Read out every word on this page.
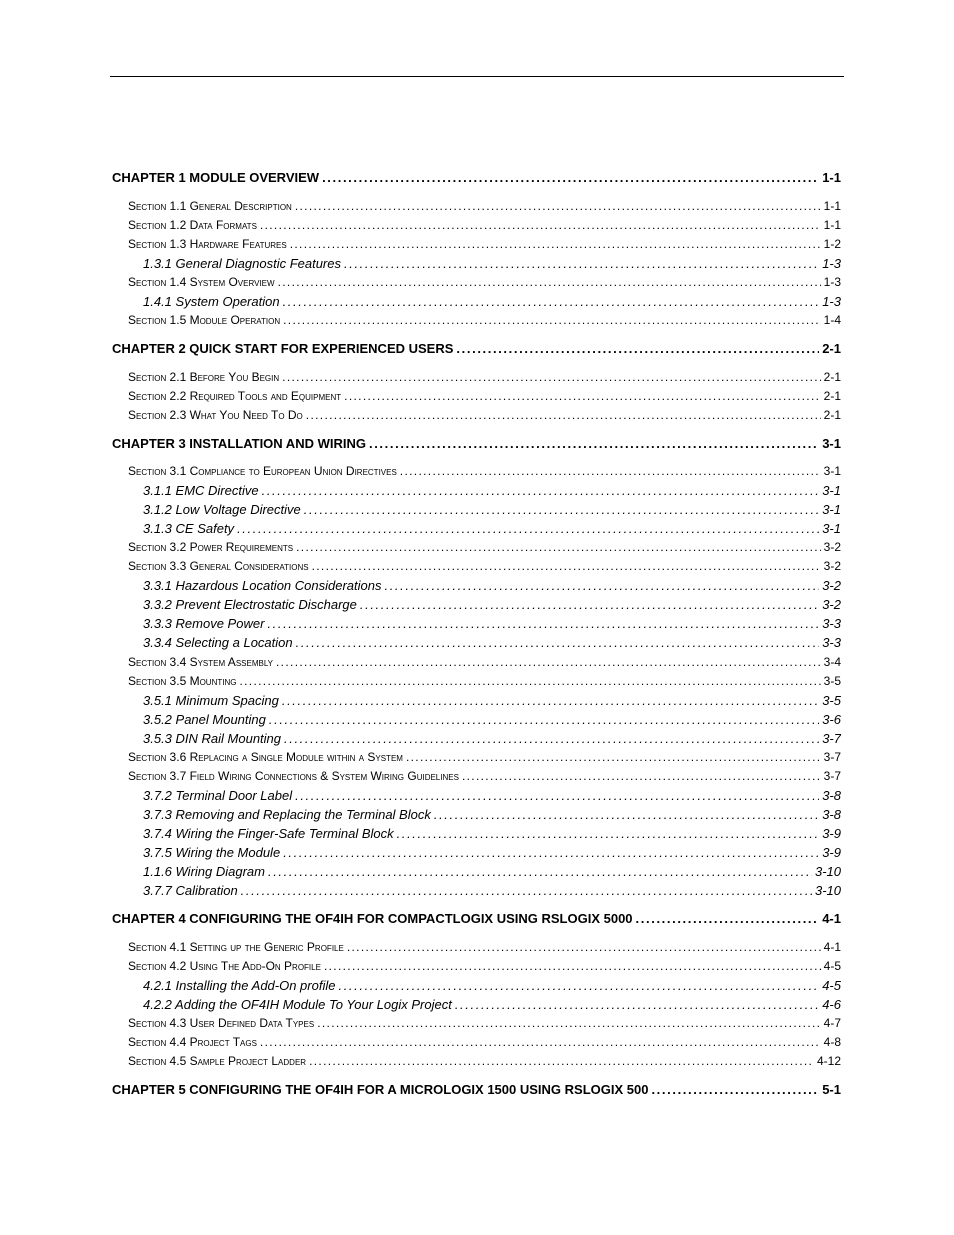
CHAPTER 1 MODULE OVERVIEW . . .	1-1
Section 1.1 General Description . . .	1-1
Section 1.2 Data Formats . . .	1-1
Section 1.3 Hardware Features . . .	1-2
1.3.1 General Diagnostic Features . . .	1-3
Section 1.4 System Overview . . .	1-3
1.4.1 System Operation . . .	1-3
Section 1.5 Module Operation . . .	1-4
CHAPTER 2 QUICK START FOR EXPERIENCED USERS . . .	2-1
Section 2.1 Before You Begin . . .	2-1
Section 2.2 Required Tools and Equipment . . .	2-1
Section 2.3 What You Need To Do . . .	2-1
CHAPTER 3 INSTALLATION AND WIRING . . .	3-1
Section 3.1 Compliance to European Union Directives . . .	3-1
3.1.1 EMC Directive . . .	3-1
3.1.2 Low Voltage Directive . . .	3-1
3.1.3 CE Safety . . .	3-1
Section 3.2 Power Requirements . . .	3-2
Section 3.3 General Considerations . . .	3-2
3.3.1 Hazardous Location Considerations . . .	3-2
3.3.2 Prevent Electrostatic Discharge . . .	3-2
3.3.3 Remove Power . . .	3-3
3.3.4 Selecting a Location . . .	3-3
Section 3.4 System Assembly . . .	3-4
Section 3.5 Mounting . . .	3-5
3.5.1 Minimum Spacing . . .	3-5
3.5.2 Panel Mounting . . .	3-6
3.5.3 DIN Rail Mounting . . .	3-7
Section 3.6 Replacing a Single Module within a System . . .	3-7
Section 3.7 Field Wiring Connections & System Wiring Guidelines . . .	3-7
3.7.2 Terminal Door Label . . .	3-8
3.7.3 Removing and Replacing the Terminal Block . . .	3-8
3.7.4 Wiring the Finger-Safe Terminal Block . . .	3-9
3.7.5 Wiring the Module . . .	3-9
1.1.6 Wiring Diagram . . .	3-10
3.7.7 Calibration . . .	3-10
CHAPTER 4 CONFIGURING THE OF4IH FOR COMPACTLOGIX USING RSLOGIX 5000 . . .	4-1
Section 4.1 Setting up the Generic Profile . . .	4-1
Section 4.2 Using The Add-On Profile . . .	4-5
4.2.1 Installing the Add-On profile . . .	4-5
4.2.2 Adding the OF4IH Module To Your Logix Project . . .	4-6
Section 4.3 User Defined Data Types . . .	4-7
Section 4.4 Project Tags . . .	4-8
Section 4.5 Sample Project Ladder . . .	4-12
CHAPTER 5 CONFIGURING THE OF4IH FOR A MICROLOGIX 1500 USING RSLOGIX 500 . . .	5-1
